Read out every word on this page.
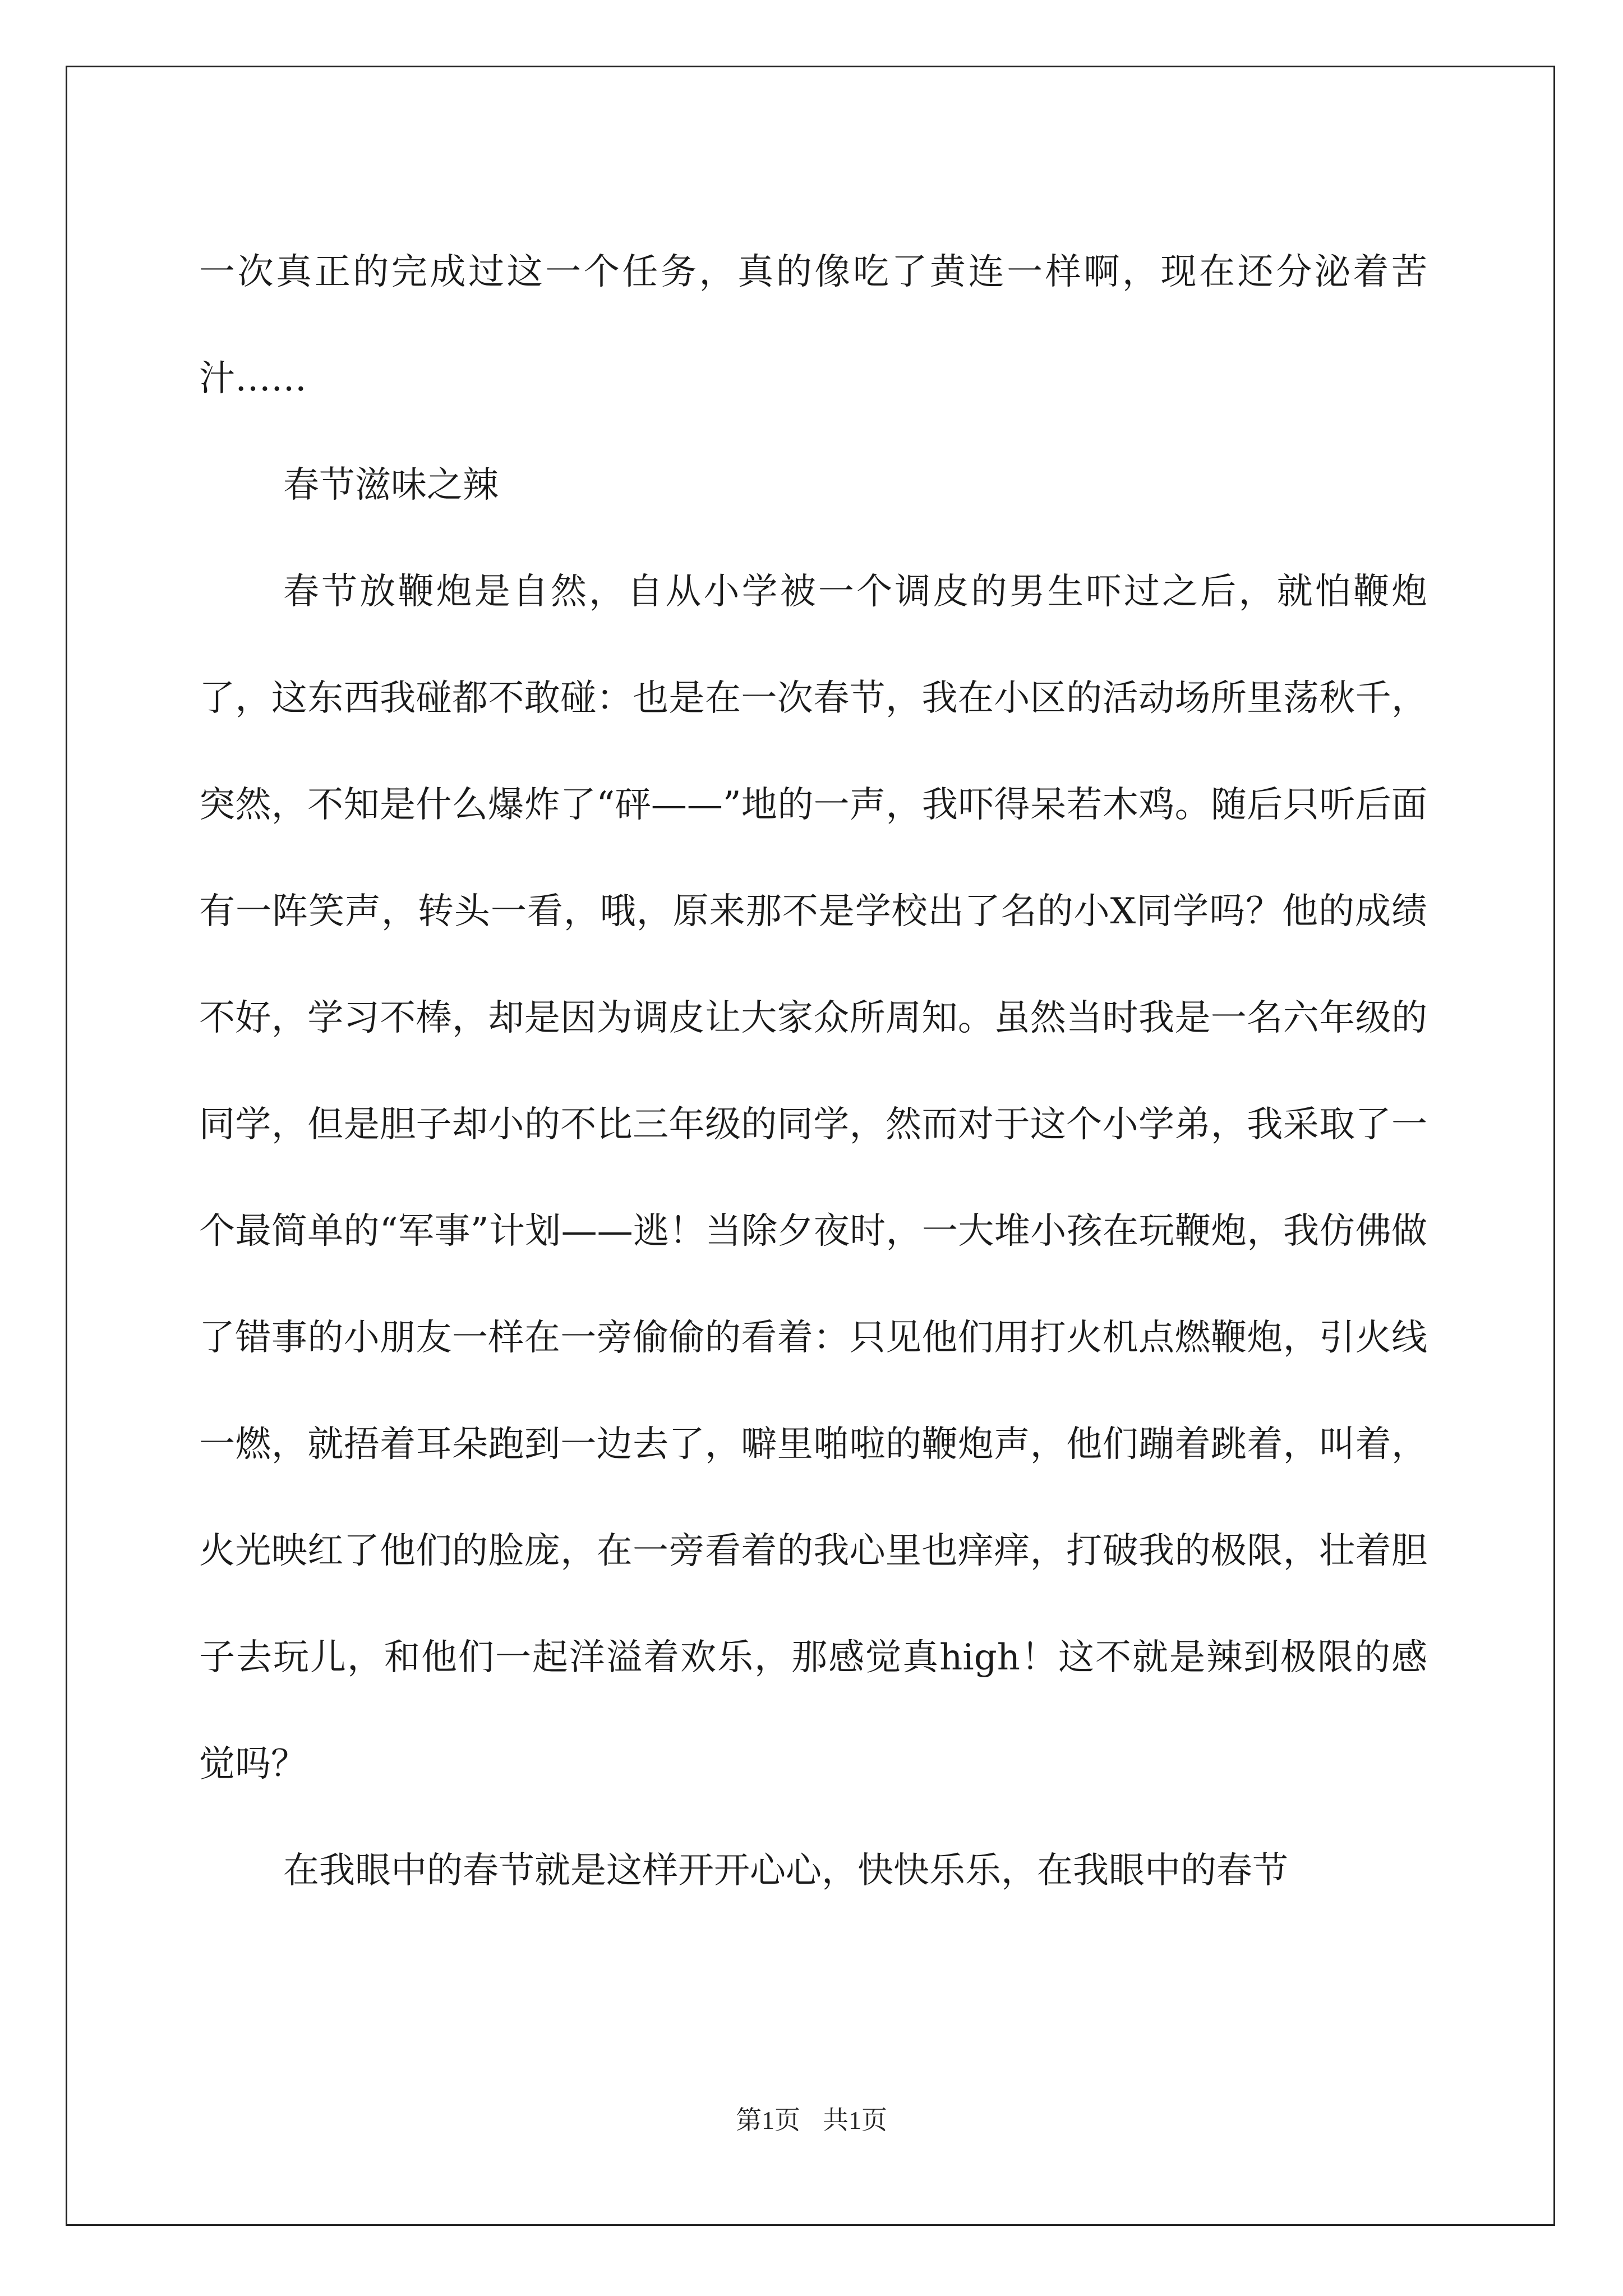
一次真正的完成过这一个任务，真的像吃了黄连一样啊，现在还分泌着苦汁……

春节滋味之辣

春节放鞭炮是自然，自从小学被一个调皮的男生吓过之后，就怕鞭炮了，这东西我碰都不敢碰：也是在一次春节，我在小区的活动场所里荡秋千，突然，不知是什么爆炸了“砰——”地的一声，我吓得呆若木鸡。随后只听后面有一阵笑声，转头一看，哦，原来那不是学校出了名的小X同学吗？他的成绩不好，学习不棒，却是因为调皮让大家众所周知。虽然当时我是一名六年级的同学，但是胆子却小的不比三年级的同学，然而对于这个小学弟，我采取了一个最简单的“军事”计划——逃！当除夕夜时，一大堆小孩在玩鞭炮，我仿佛做了错事的小朋友一样在一旁偷偷的看着：只见他们用打火机点燃鞭炮，引火线一燃，就捂着耳朵跑到一边去了，噼里啪啦的鞭炮声，他们蹦着跳着，叫着，火光映红了他们的脸庞，在一旁看着的我心里也痒痒，打破我的极限，壮着胆子去玩儿，和他们一起洋溢着欢乐，那感觉真high！这不就是辣到极限的感觉吗？

在我眼中的春节就是这样开开心心，快快乐乐，在我眼中的春节

第1页 共1页
